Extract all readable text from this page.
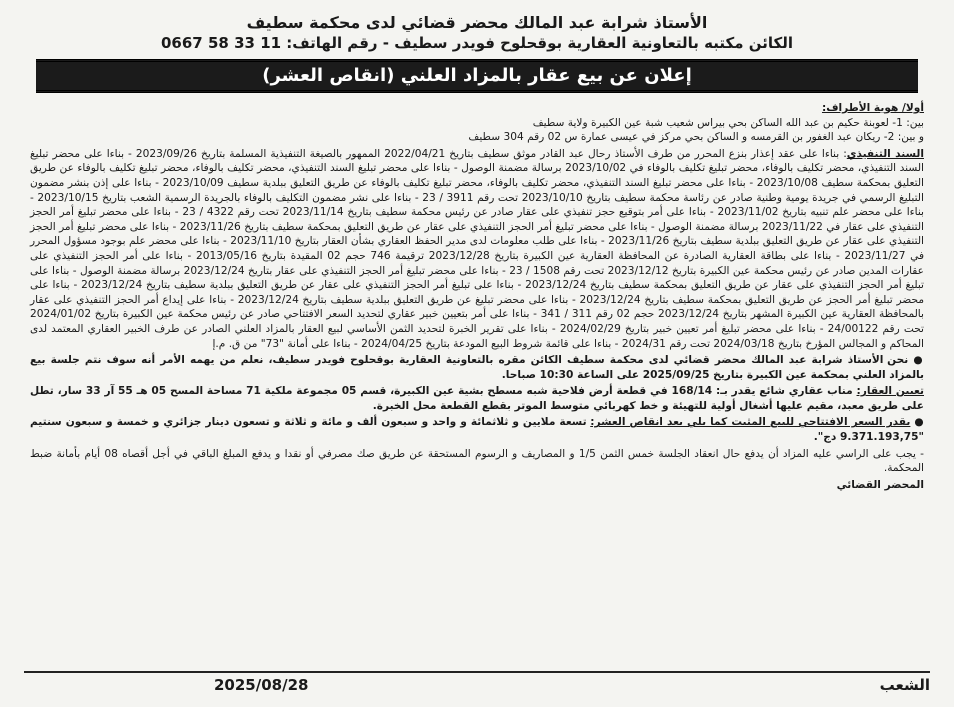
الأستاذ شرابة عبد المالك محضر قضائي لدى محكمة سطيف
الكائن مكتبه بالتعاونية العقارية بوقحلوح فويدر سطيف - رقم الهاتف: 11 33 58 0667
إعلان عن بيع عقار بالمزاد العلني (انقاص العشر)
أولا/ هوية الأطراف:
بين: 1- لعوبنة حكيم بن عبد الله الساكن بحي بيراس شعيب شبة عين الكبيرة ولاية سطيف
و بين: 2- ريكان عبد الغفور بن القرمسه و الساكن بحي مركز في عيسى عمارة س 02 رقم 304 سطيف
السند التنفيذي: بناءا على عقد إعذار بنزع المحرر من طرف الأستاذ رحال عبد القادر موثق سطيف بتاريخ 2022/04/21 الممهور بالصيغة التنفيذية المسلمة بتاريخ 2023/09/26 - بناءا على محضر تبليغ السند التنفيذي، محضر تكليف بالوفاء، محضر تبليغ تكليف بالوفاء في 2023/10/02 برسالة مضمنة الوصول - بناءا على محضر تبليغ السند التنفيذي، محضر تكليف بالوفاء، محضر تبليغ تكليف بالوفاء عن طريق التعليق بمحكمة سطيف 2023/10/08 - بناءا على محضر تبليغ السند التنفيذي، محضر تكليف بالوفاء، محضر تبليغ تكليف بالوفاء عن طريق التعليق ببلدية سطيف 2023/10/09 - بناءا على إذن بنشر مضمون التبليغ الرسمي في جريدة يومية وطنية صادر عن رئاسة محكمة سطيف بتاريخ 2023/10/10 تحت رقم 3911 / 23 - بناءا على نشر مضمون التكليف بالوفاء بالجريدة الرسمية الشعب بتاريخ 2023/10/15 - بناءا على محضر علم تنبيه بتاريخ 2023/11/02 - بناءا على أمر بتوقيع حجز تنفيذي على عقار صادر عن رئيس محكمة سطيف بتاريخ 2023/11/14 تحت رقم 4322 / 23 - بناءا على محضر تبليغ أمر الحجز التنفيذي على عقار في 2023/11/22 برسالة مضمنة الوصول - بناءا على محضر تبليغ أمر الحجز التنفيذي على عقار عن طريق التعليق بمحكمة سطيف بتاريخ 2023/11/26 - بناءا على محضر تبليغ أمر الحجز التنفيذي على عقار عن طريق التعليق ببلدية سطيف بتاريخ 2023/11/26 - بناءا على طلب معلومات لدى مدير الحفظ العقاري بشأن العقار بتاريخ 2023/11/10 - بناءا على محضر علم بوجود مسؤول المحرر في 2023/11/27 - بناءا على بطاقة العقارية الصادرة عن المحافظة العقارية عين الكبيرة بتاريخ 2023/12/28 ترقيمة 746 حجم 02 المقيدة بتاريخ 2013/05/16 - بناءا على أمر الحجز التنفيذي على عقارات المدين صادر عن رئيس محكمة عين الكبيرة بتاريخ 2023/12/12 تحت رقم 1508 / 23 - بناءا على محضر تبليغ أمر الحجز التنفيذي على عقار بتاريخ 2023/12/24 برسالة مضمنة الوصول - بناءا على تبليغ أمر الحجز التنفيذي على عقار عن طريق التعليق بمحكمة سطيف بتاريخ 2023/12/24 - بناءا على تبليغ أمر الحجز التنفيذي على عقار عن طريق التعليق ببلدية سطيف بتاريخ 2023/12/24 - بناءا على محضر تبليغ أمر الحجز عن طريق التعليق بمحكمة سطيف بتاريخ 2023/12/24 - بناءا على محضر تبليغ عن طريق التعليق ببلدية سطيف بتاريخ 2023/12/24 - بناءا على إيداع أمر الحجز التنفيذي على عقار بالمحافظة العقارية عين الكبيرة المشهر بتاريخ 2023/12/24 حجم 02 رقم 311 / 341 - بناءا على أمر بتعيين خبير عقاري لتحديد السعر الافتتاحي صادر عن رئيس محكمة عين الكبيرة بتاريخ 2024/01/02 تحت رقم 24/00122 - بناءا على محضر تبليغ أمر تعيين خبير بتاريخ 2024/02/29 - بناءا على تقرير الخبرة لتحديد الثمن الأساسي لبيع العقار بالمزاد العلني الصادر عن طرف الخبير العقاري المعتمد لدى المحاكم و المجالس المؤرخ بتاريخ 2024/03/18 تحت رقم 2024/31 - بناءا على قائمة شروط البيع المودعة بتاريخ 2024/04/25 - بناءا على أمانة "73" من ق. م.إ
● نحن الأستاذ شرابة عبد المالك محضر قضائي لدى محكمة سطيف الكائن مقره بالتعاونية العقارية بوقحلوح فويدر سطيف، نعلم من يهمه الأمر أنه سوف نتم جلسة بيع بالمزاد العلني بمحكمة عين الكبيرة بتاريخ 2025/09/25 على الساعة 10:30 صباحا.
تعيين العقار: مناب عقاري شائع يقدر بـ: 168/14 في قطعة أرض فلاحية شبه مسطح بشية عين الكبيرة، قسم 05 مجموعة ملكية 71 مساحة المسح 05 هـ 55 آر 33 سار، تطل على طريق معبد، مقيم عليها أشغال أولية للتهيئة و خط كهربائي متوسط الموتر بقطع القطعة محل الخبرة.
● يقدر السعر الافتتاحي للبيع المثبت كما يلي بعد انقاص العشر: تسعة ملايين و ثلاثمائة و واحد و سبعون ألف و مائة و ثلاثة و تسعون دينار جزائري و خمسة و سبعون سنتيم "9.371.193,75 دج".
- يجب على الراسي عليه المزاد أن يدفع حال انعقاد الجلسة خمس الثمن 1/5 و المصاريف و الرسوم المستحقة عن طريق صك مصرفي أو نقدا و يدفع المبلغ الباقي في أجل أقصاه 08 أيام بأمانة ضبط المحكمة.
المحضر القضائي
الشعب
2025/08/28
